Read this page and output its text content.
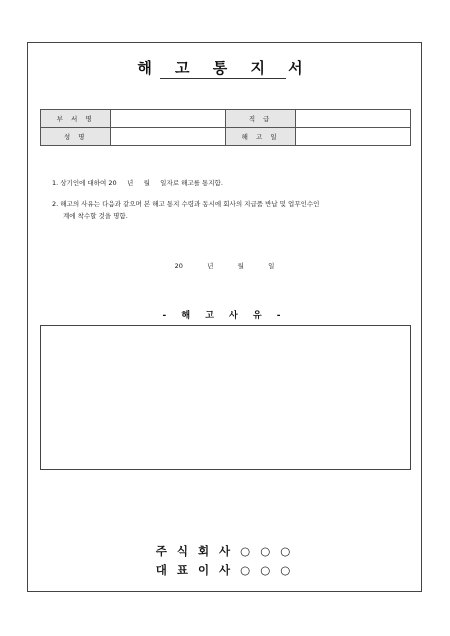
해 고 통 지 서
부 서 명		직 급	
성 명		해 고 일	
1. 상기인에 대하여 20     년     월     일자로 해고를 통지함.
2. 해고의 사유는 다음과 같으며 본 해고 통지 수령과 동시에 회사의 지급품 반납 및 업무인수인
계에 착수할 것을 명함.
20   년   월   일
- 해 고 사 유 -
주 식 회 사 ○ ○ ○
대 표 이 사 ○ ○ ○
